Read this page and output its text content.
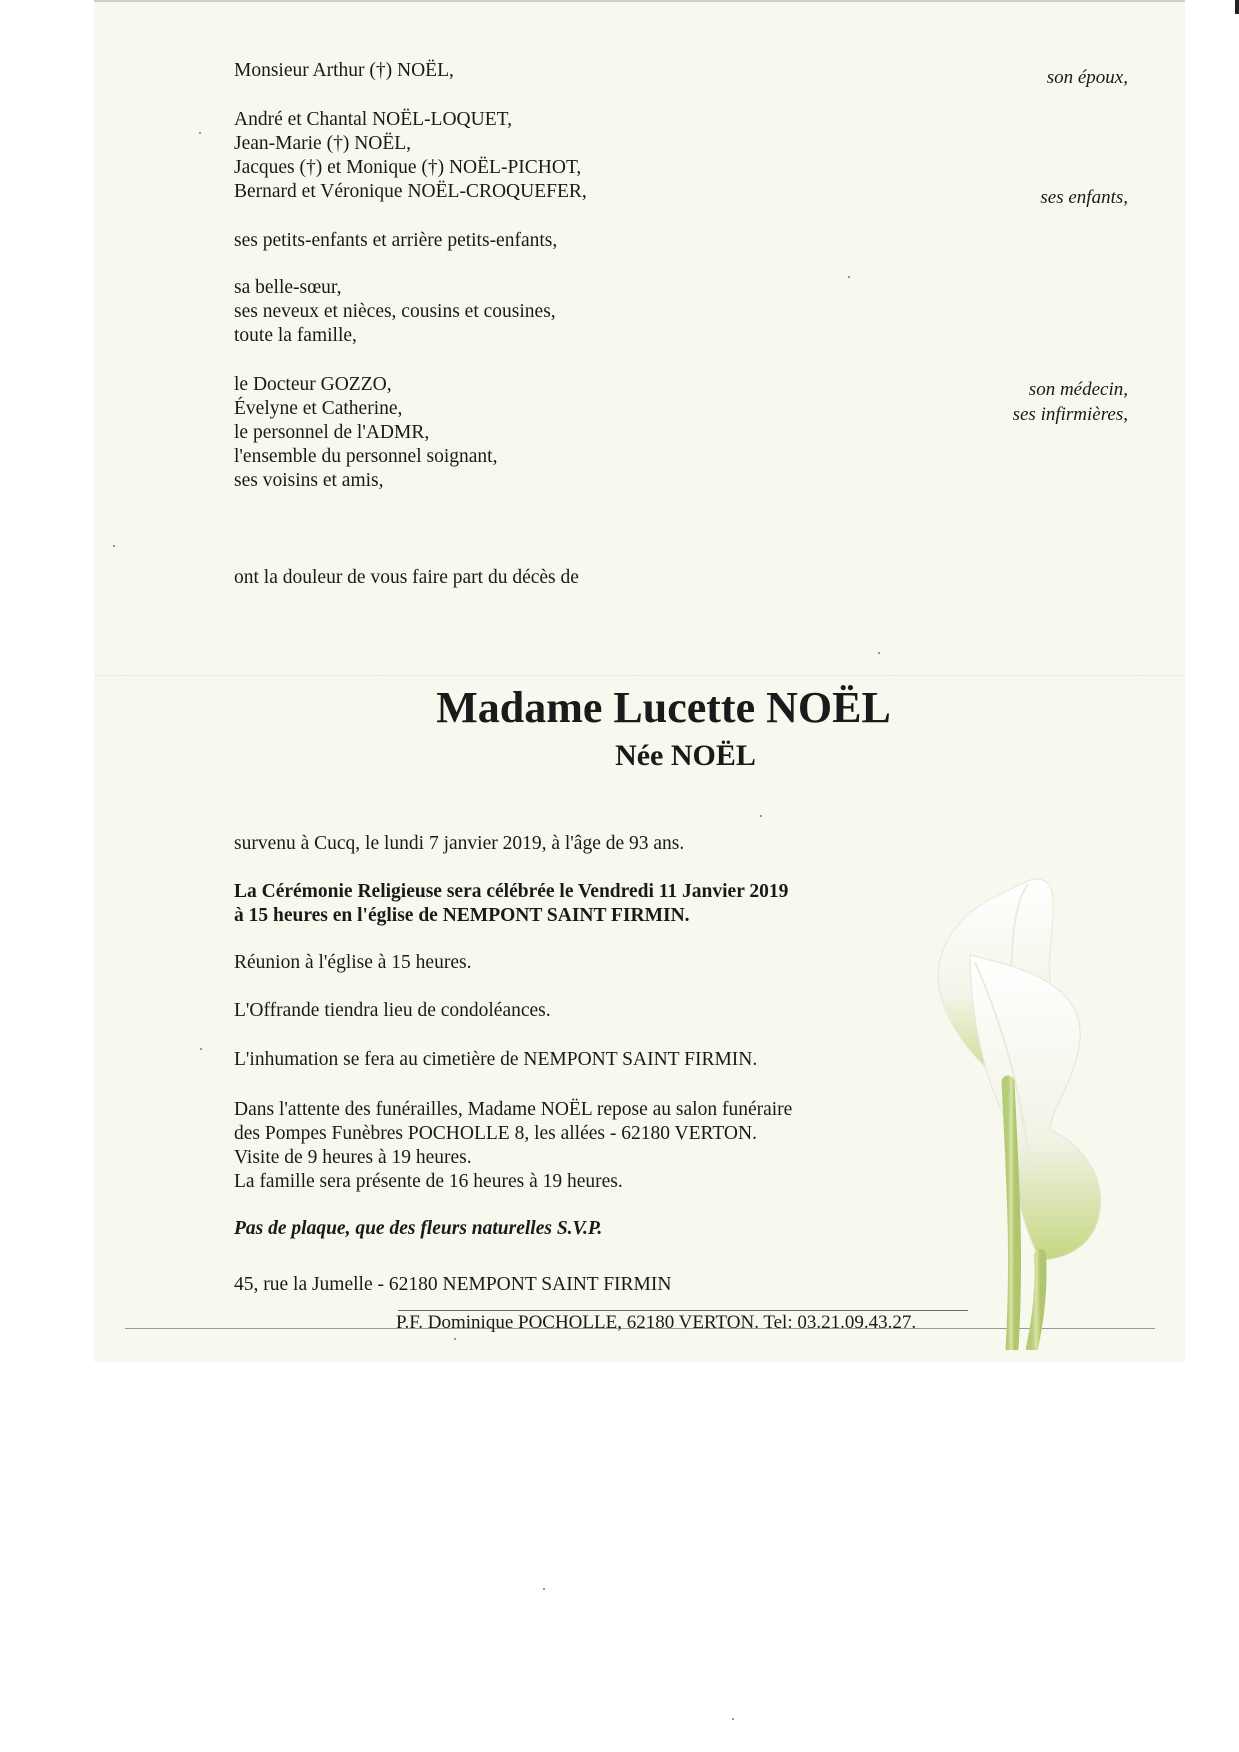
Monsieur Arthur (†) NOËL,
André et Chantal NOËL-LOQUET,
Jean-Marie (†) NOËL,
Jacques (†) et Monique (†) NOËL-PICHOT,
Bernard et Véronique NOËL-CROQUEFER,
ses petits-enfants et arrière petits-enfants,
sa belle-sœur,
ses neveux et nièces, cousins et cousines,
toute la famille,
le Docteur GOZZO,
Évelyne et Catherine,
le personnel de l'ADMR,
l'ensemble du personnel soignant,
ses voisins et amis,
ont la douleur de vous faire part du décès de
son époux,
ses enfants,
son médecin,
ses infirmières,
Madame Lucette NOËL
Née NOËL
survenu à Cucq, le lundi 7 janvier 2019, à l'âge de 93 ans.
La Cérémonie Religieuse sera célébrée le Vendredi 11 Janvier 2019
à 15 heures en l'église de NEMPONT SAINT FIRMIN.
Réunion à l'église à 15 heures.
L'Offrande tiendra lieu de condoléances.
L'inhumation se fera au cimetière de NEMPONT SAINT FIRMIN.
Dans l'attente des funérailles, Madame NOËL repose au salon funéraire
des Pompes Funèbres POCHOLLE 8, les allées - 62180 VERTON.
Visite de 9 heures à 19 heures.
La famille sera présente de 16 heures à 19 heures.
Pas de plaque, que des fleurs naturelles S.V.P.
45, rue la Jumelle - 62180 NEMPONT SAINT FIRMIN
P.F. Dominique POCHOLLE, 62180 VERTON. Tel: 03.21.09.43.27.
